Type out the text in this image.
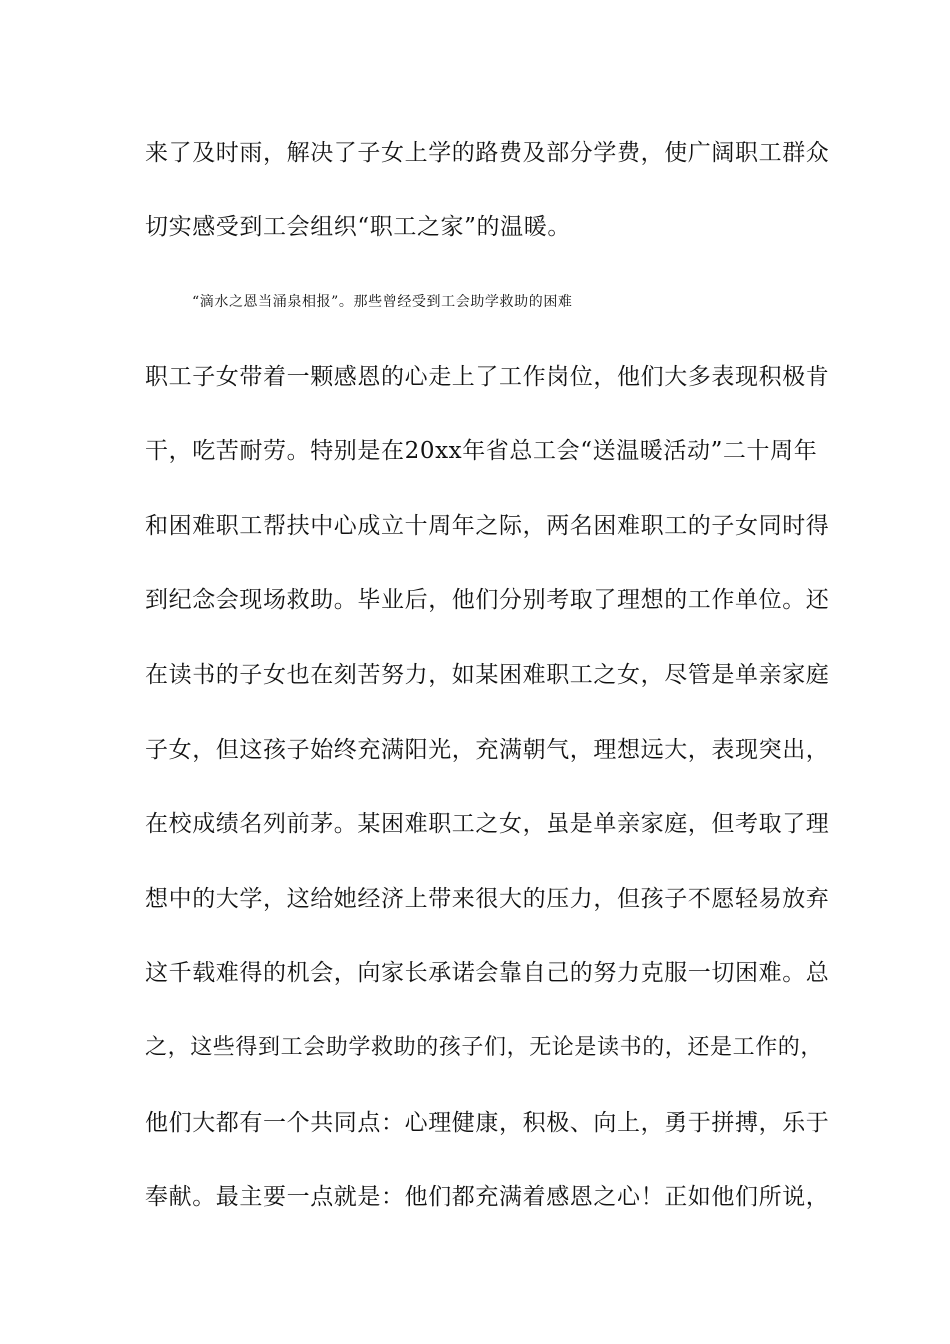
来了及时雨，解决了子女上学的路费及部分学费，使广阔职工群众
切实感受到工会组织“职工之家”的温暖。
“滴水之恩当涌泉相报”。那些曾经受到工会助学救助的困难
职工子女带着一颗感恩的心走上了工作岗位，他们大多表现积极肯
干，吃苦耐劳。特别是在20xx年省总工会“送温暖活动”二十周年
和困难职工帮扶中心成立十周年之际，两名困难职工的子女同时得
到纪念会现场救助。毕业后，他们分别考取了理想的工作单位。还
在读书的子女也在刻苦努力，如某困难职工之女，尽管是单亲家庭
子女，但这孩子始终充满阳光，充满朝气，理想远大，表现突出，
在校成绩名列前茅。某困难职工之女，虽是单亲家庭，但考取了理
想中的大学，这给她经济上带来很大的压力，但孩子不愿轻易放弃
这千载难得的机会，向家长承诺会靠自己的努力克服一切困难。总
之，这些得到工会助学救助的孩子们，无论是读书的，还是工作的，
他们大都有一个共同点：心理健康，积极、向上，勇于拼搏，乐于
奉献。最主要一点就是：他们都充满着感恩之心！正如他们所说，
